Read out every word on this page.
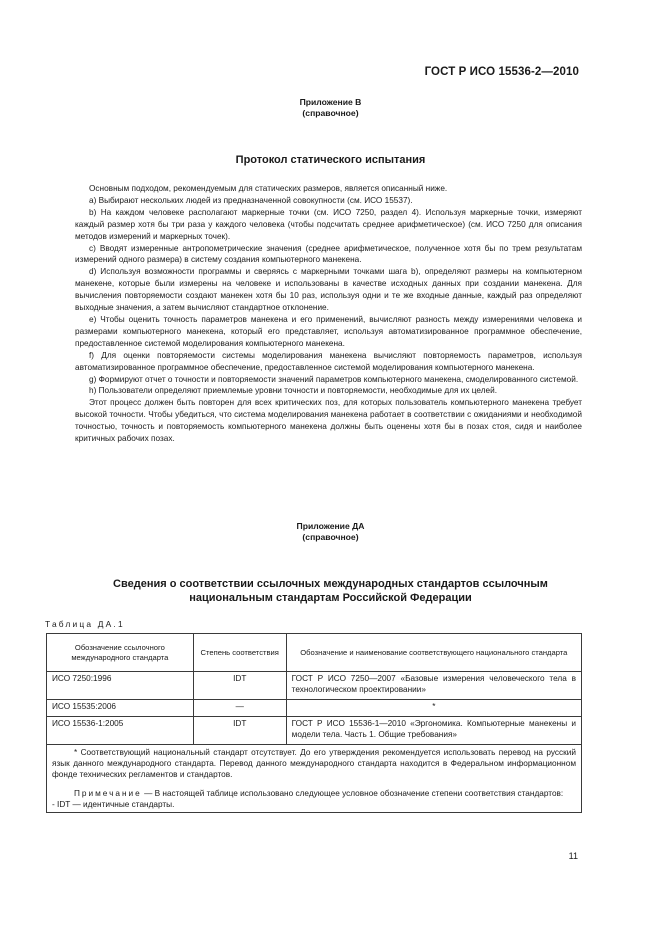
ГОСТ Р ИСО 15536-2—2010
Приложение В
(справочное)
Протокол статического испытания

Основным подходом, рекомендуемым для статических размеров, является описанный ниже.

a) Выбирают нескольких людей из предназначенной совокупности (см. ИСО 15537).

b) На каждом человеке располагают маркерные точки (см. ИСО 7250, раздел 4). Используя маркерные точки, измеряют каждый размер хотя бы три раза у каждого человека (чтобы подсчитать среднее арифметическое) (см. ИСО 7250 для описания методов измерений и маркерных точек).

c) Вводят измеренные антропометрические значения (среднее арифметическое, полученное хотя бы по трем результатам измерений одного размера) в систему создания компьютерного манекена.

d) Используя возможности программы и сверяясь с маркерными точками шага b), определяют размеры на компьютерном манекене, которые были измерены на человеке и использованы в качестве исходных данных при создании манекена. Для вычисления повторяемости создают манекен хотя бы 10 раз, используя одни и те же входные данные, каждый раз определяют выходные значения, а затем вычисляют стандартное отклонение.

e) Чтобы оценить точность параметров манекена и его применений, вычисляют разность между измерениями человека и размерами компьютерного манекена, который его представляет, используя автоматизированное программное обеспечение, предоставленное системой моделирования компьютерного манекена.

f) Для оценки повторяемости системы моделирования манекена вычисляют повторяемость параметров, используя автоматизированное программное обеспечение, предоставленное системой моделирования компьютерного манекена.

g) Формируют отчет о точности и повторяемости значений параметров компьютерного манекена, смоделированного системой.

h) Пользователи определяют приемлемые уровни точности и повторяемости, необходимые для их целей.

Этот процесс должен быть повторен для всех критических поз, для которых пользователь компьютерного манекена требует высокой точности. Чтобы убедиться, что система моделирования манекена работает в соответствии с ожиданиями и необходимой точностью, точность и повторяемость компьютерного манекена должны быть оценены хотя бы в позах стоя, сидя и наиболее критичных рабочих позах.

Приложение ДА
(справочное)
Сведения о соответствии ссылочных международных стандартов ссылочным
национальным стандартам Российской Федерации
Таблица ДА.1
Обозначение ссылочного международного стандарта	Степень соответствия	Обозначение и наименование соответствующего национального стандарта
ИСО 7250:1996	IDT	ГОСТ Р ИСО 7250—2007 «Базовые измерения человеческого тела в технологическом проектировании»
ИСО 15535:2006	—	*
ИСО 15536-1:2005	IDT	ГОСТ Р ИСО 15536-1—2010 «Эргономика. Компьютерные манекены и модели тела. Часть 1. Общие требования»

* Соответствующий национальный стандарт отсутствует. До его утверждения рекомендуется использовать перевод на русский язык данного международного стандарта. Перевод данного международного стандарта находится в Федеральном информационном фонде технических регламентов и стандартов.

Примечание — В настоящей таблице использовано следующее условное обозначение степени соответствия стандартов:

- IDT — идентичные стандарты.		

11
